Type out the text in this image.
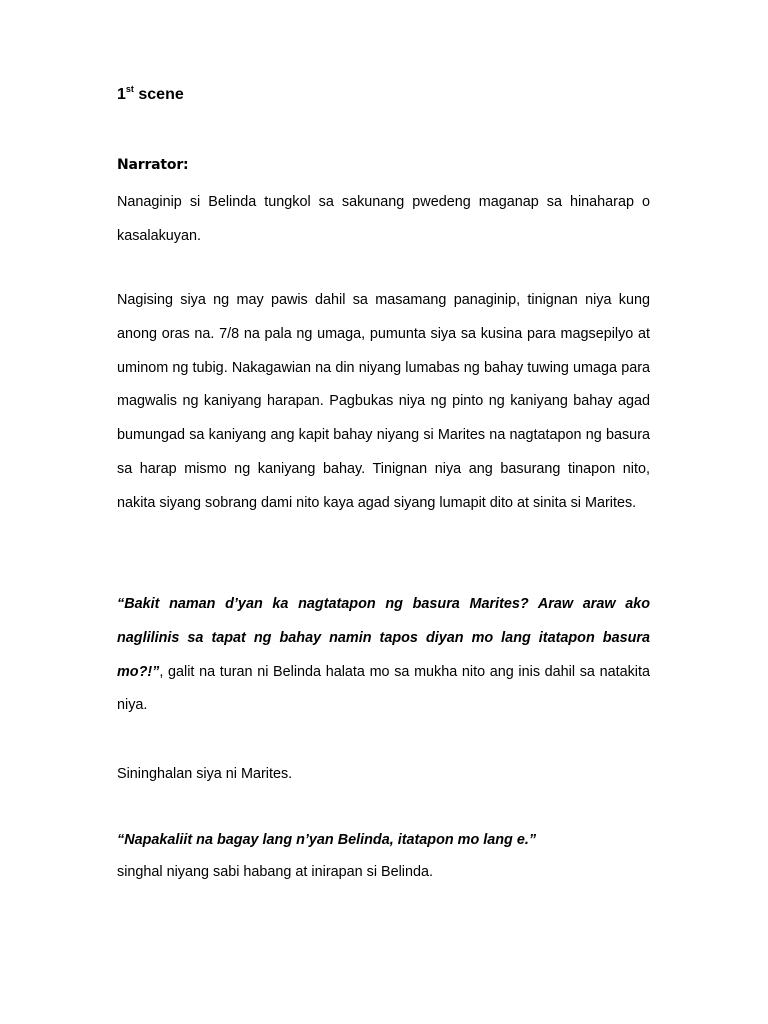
1st scene
Narrator:

Nanaginip si Belinda tungkol sa sakunang pwedeng maganap sa hinaharap o kasalakuyan.

Nagising siya ng may pawis dahil sa masamang panaginip, tinignan niya kung anong oras na. 7/8 na pala ng umaga, pumunta siya sa kusina para magsepilyo at uminom ng tubig. Nakagawian na din niyang lumabas ng bahay tuwing umaga para magwalis ng kaniyang harapan. Pagbukas niya ng pinto ng kaniyang bahay agad bumungad sa kaniyang ang kapit bahay niyang si Marites na nagtatapon ng basura sa harap mismo ng kaniyang bahay. Tinignan niya ang basurang tinapon nito, nakita siyang sobrang dami nito kaya agad siyang lumapit dito at sinita si Marites.

“Bakit naman d’yan ka nagtatapon ng basura Marites? Araw araw ako naglilinis sa tapat ng bahay namin tapos diyan mo lang itatapon basura mo?!”, galit na turan ni Belinda halata mo sa mukha nito ang inis dahil sa natakita niya.

Sininghalan siya ni Marites.

“Napakaliit na bagay lang n’yan Belinda, itatapon mo lang e.”

singhal niyang sabi habang at inirapan si Belinda.
